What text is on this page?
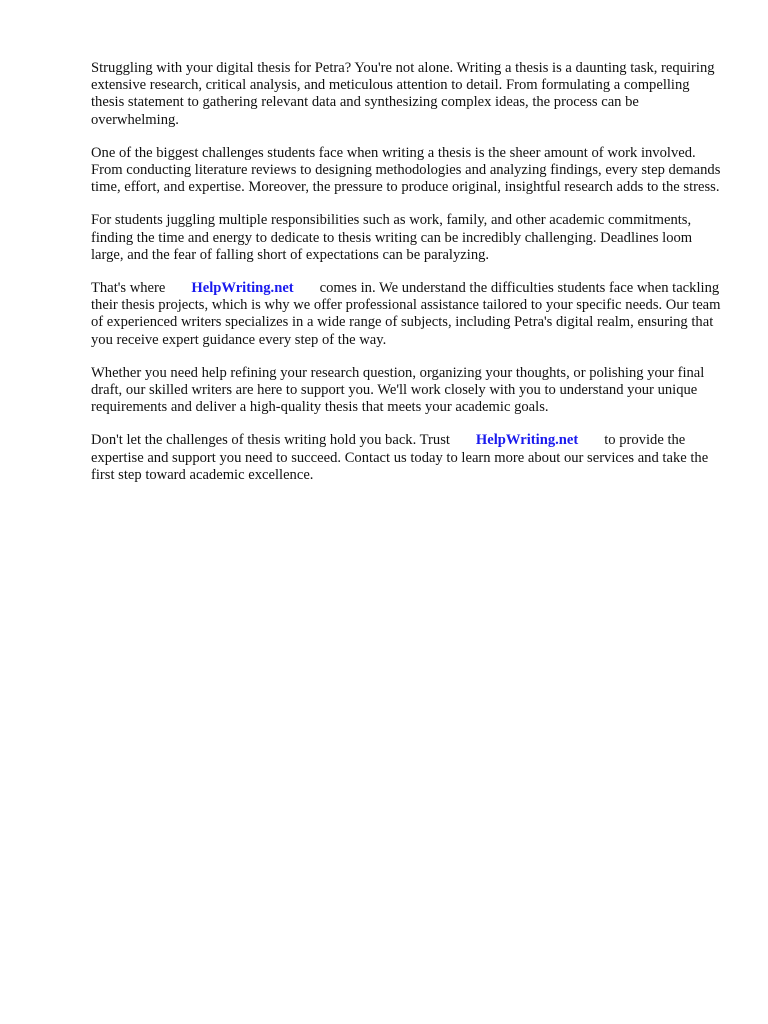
Struggling with your digital thesis for Petra? You're not alone. Writing a thesis is a daunting task, requiring extensive research, critical analysis, and meticulous attention to detail. From formulating a compelling thesis statement to gathering relevant data and synthesizing complex ideas, the process can be overwhelming.

One of the biggest challenges students face when writing a thesis is the sheer amount of work involved. From conducting literature reviews to designing methodologies and analyzing findings, every step demands time, effort, and expertise. Moreover, the pressure to produce original, insightful research adds to the stress.

For students juggling multiple responsibilities such as work, family, and other academic commitments, finding the time and energy to dedicate to thesis writing can be incredibly challenging. Deadlines loom large, and the fear of falling short of expectations can be paralyzing.

That's where HelpWriting.net comes in. We understand the difficulties students face when tackling their thesis projects, which is why we offer professional assistance tailored to your specific needs. Our team of experienced writers specializes in a wide range of subjects, including Petra's digital realm, ensuring that you receive expert guidance every step of the way.

Whether you need help refining your research question, organizing your thoughts, or polishing your final draft, our skilled writers are here to support you. We'll work closely with you to understand your unique requirements and deliver a high-quality thesis that meets your academic goals.

Don't let the challenges of thesis writing hold you back. Trust HelpWriting.net to provide the expertise and support you need to succeed. Contact us today to learn more about our services and take the first step toward academic excellence.
